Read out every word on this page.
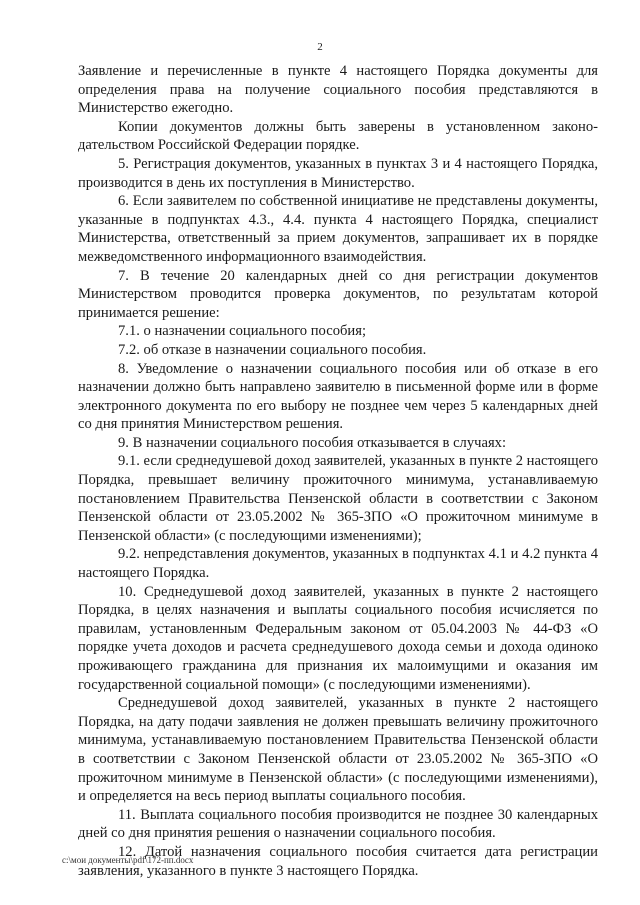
2

Заявление и перечисленные в пункте 4 настоящего Порядка документы для определения права на получение социального пособия представляются в Министерство ежегодно.

Копии документов должны быть заверены в установленном законодательством Российской Федерации порядке.

5. Регистрация документов, указанных в пунктах 3 и 4 настоящего Порядка, производится в день их поступления в Министерство.

6. Если заявителем по собственной инициативе не представлены документы, указанные в подпунктах 4.3., 4.4. пункта 4 настоящего Порядка, специалист Министерства, ответственный за прием документов, запрашивает их в порядке межведомственного информационного взаимодействия.

7. В течение 20 календарных дней со дня регистрации документов Министерством проводится проверка документов, по результатам которой принимается решение:

7.1. о назначении социального пособия;

7.2. об отказе в назначении социального пособия.

8. Уведомление о назначении социального пособия или об отказе в его назначении должно быть направлено заявителю в письменной форме или в форме электронного документа по его выбору не позднее чем через 5 календарных дней со дня принятия Министерством решения.

9. В назначении социального пособия отказывается в случаях:

9.1. если среднедушевой доход заявителей, указанных в пункте 2 настоящего Порядка, превышает величину прожиточного минимума, устанавливаемую постановлением Правительства Пензенской области в соответствии с Законом Пензенской области от 23.05.2002 № 365-ЗПО «О прожиточном минимуме в Пензенской области» (с последующими изменениями);

9.2. непредставления документов, указанных в подпунктах 4.1 и 4.2 пункта 4 настоящего Порядка.

10. Среднедушевой доход заявителей, указанных в пункте 2 настоящего Порядка, в целях назначения и выплаты социального пособия исчисляется по правилам, установленным Федеральным законом от 05.04.2003 № 44-ФЗ «О порядке учета доходов и расчета среднедушевого дохода семьи и дохода одиноко проживающего гражданина для признания их малоимущими и оказания им государственной социальной помощи» (с последующими изменениями).

Среднедушевой доход заявителей, указанных в пункте 2 настоящего Порядка, на дату подачи заявления не должен превышать величину прожиточного минимума, устанавливаемую постановлением Правительства Пензенской области в соответствии с Законом Пензенской области от 23.05.2002 № 365-ЗПО «О прожиточном минимуме в Пензенской области» (с последующими изменениями), и определяется на весь период выплаты социального пособия.

11. Выплата социального пособия производится не позднее 30 календарных дней со дня принятия решения о назначении социального пособия.

12. Датой назначения социального пособия считается дата регистрации заявления, указанного в пункте 3 настоящего Порядка.

c:\мои документы\pdf\172-пп.docx
